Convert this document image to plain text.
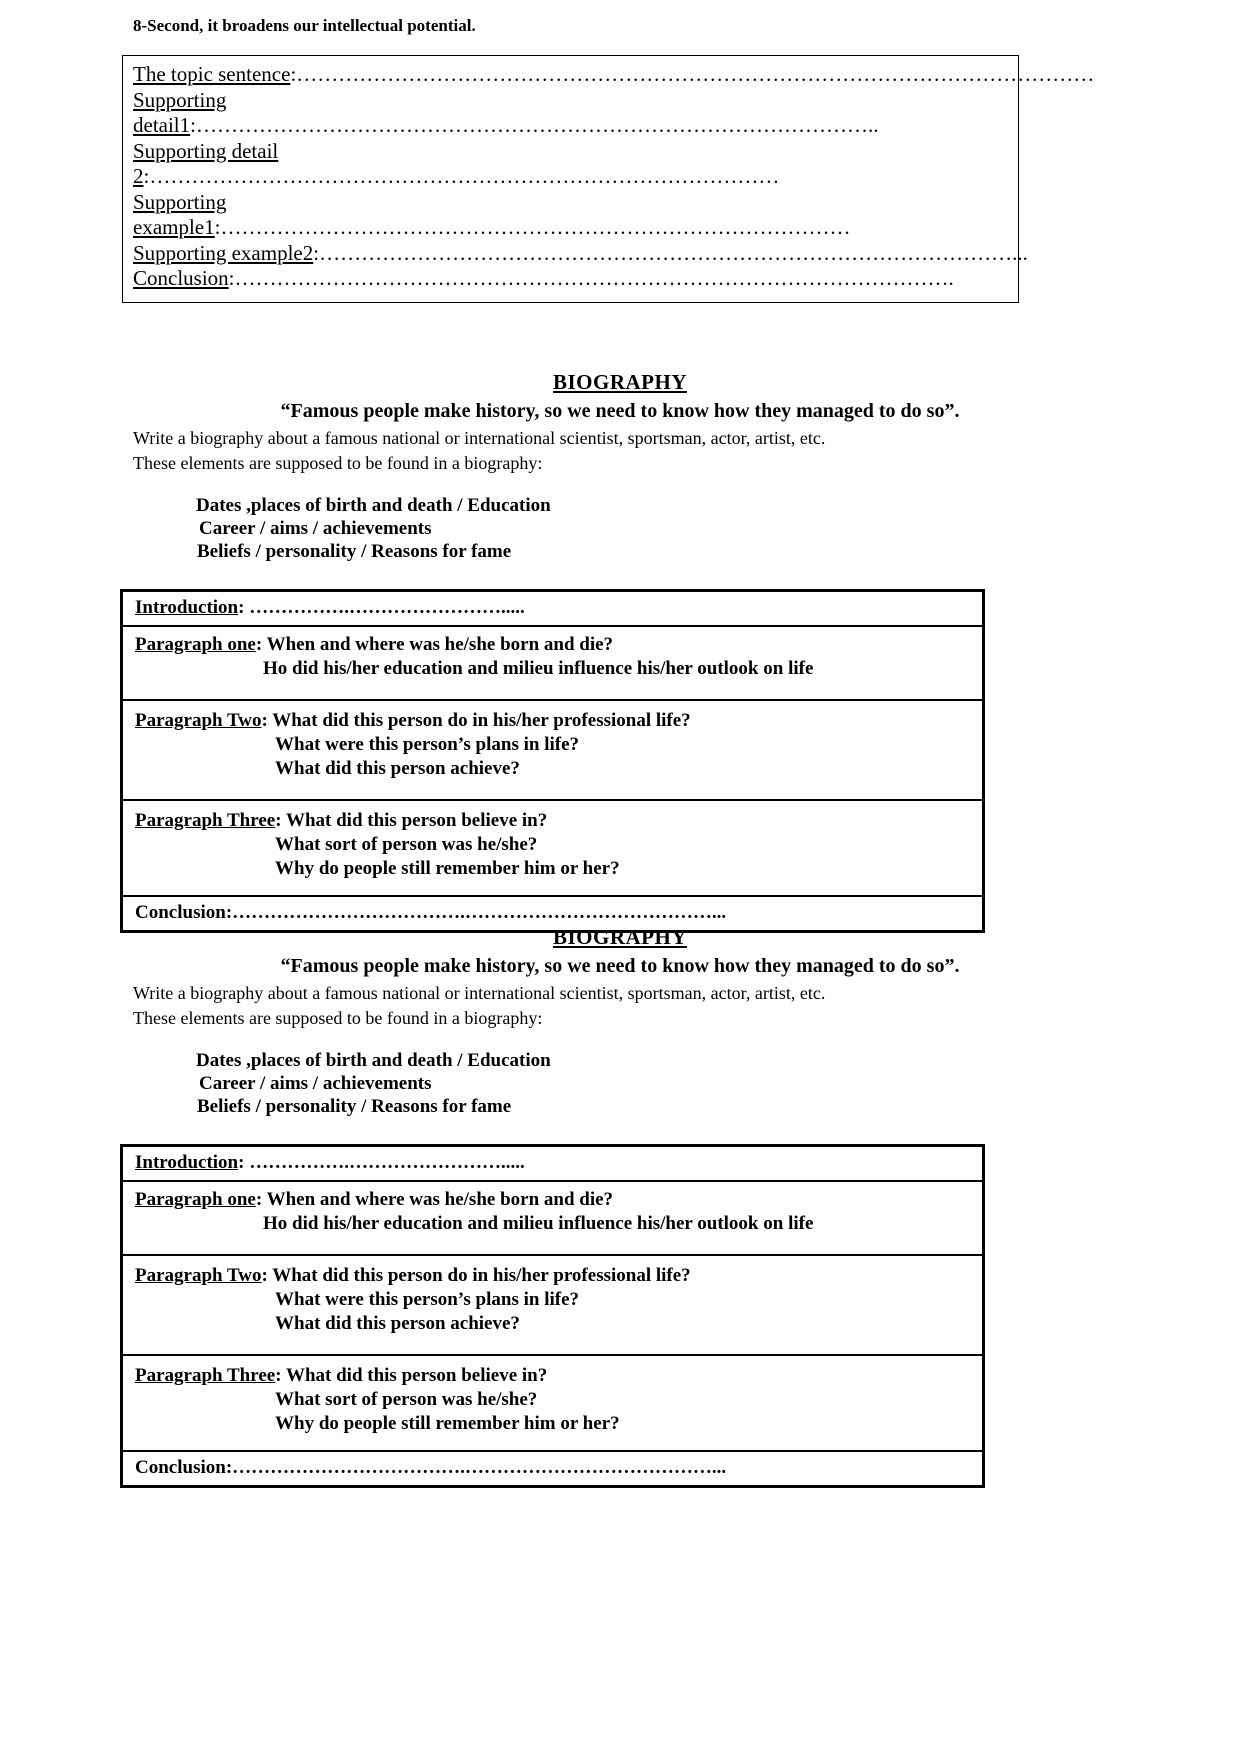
8-Second, it broadens our intellectual potential.
The topic sentence:……………………………………………………………………………………………………
Supporting
detail1:……………………………………………………………………………………..
Supporting detail
2:………………………………………………………………………………
Supporting
example1:………………………………………………………………………………
Supporting example2:………………………………………………………………………………………...
Conclusion:………………………………………………………………………………………….
BIOGRAPHY
“Famous people make history, so we need to know how they managed to do so”.
Write a biography about a famous national or international scientist, sportsman, actor, artist, etc.
These elements are supposed to be found in a biography:
Dates ,places of birth and death / Education
Career / aims / achievements
Beliefs / personality / Reasons for fame
Introduction: …………….…………………….....
Paragraph one: When and where was he/she born and die?
Ho did his/her education and milieu influence his/her outlook on life
Paragraph Two: What did this person do in his/her professional life?
What were this person’s plans in life?
What did this person achieve?
Paragraph Three: What did this person believe in?
What sort of person was he/she?
Why do people still remember him or her?
Conclusion:……………………………….…………………………………...
BIOGRAPHY
“Famous people make history, so we need to know how they managed to do so”.
Write a biography about a famous national or international scientist, sportsman, actor, artist, etc.
These elements are supposed to be found in a biography:
Dates ,places of birth and death / Education
Career / aims / achievements
Beliefs / personality / Reasons for fame
Introduction: …………….…………………….....
Paragraph one: When and where was he/she born and die?
Ho did his/her education and milieu influence his/her outlook on life
Paragraph Two: What did this person do in his/her professional life?
What were this person’s plans in life?
What did this person achieve?
Paragraph Three: What did this person believe in?
What sort of person was he/she?
Why do people still remember him or her?
Conclusion:……………………………….…………………………………...
